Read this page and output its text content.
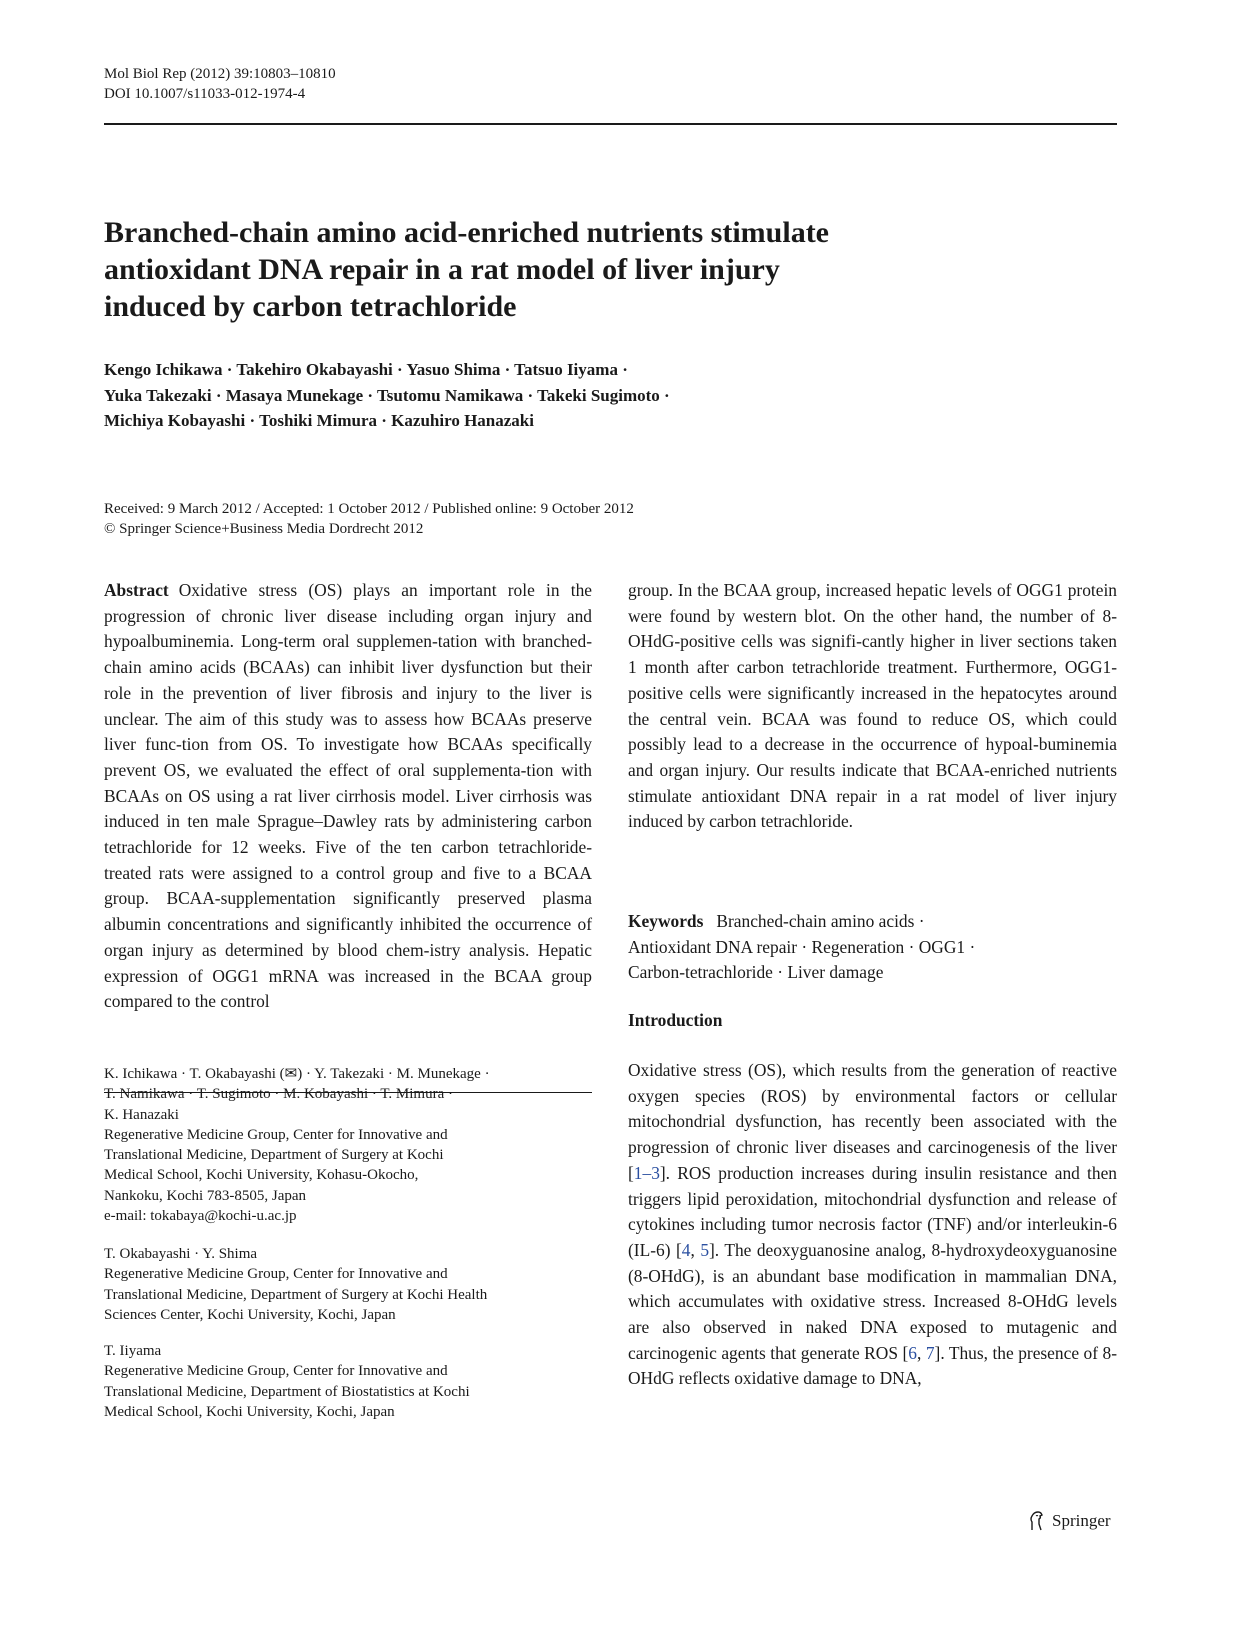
Mol Biol Rep (2012) 39:10803–10810
DOI 10.1007/s11033-012-1974-4
Branched-chain amino acid-enriched nutrients stimulate
antioxidant DNA repair in a rat model of liver injury
induced by carbon tetrachloride
Kengo Ichikawa · Takehiro Okabayashi · Yasuo Shima · Tatsuo Iiyama ·
Yuka Takezaki · Masaya Munekage · Tsutomu Namikawa · Takeki Sugimoto ·
Michiya Kobayashi · Toshiki Mimura · Kazuhiro Hanazaki
Received: 9 March 2012 / Accepted: 1 October 2012 / Published online: 9 October 2012
© Springer Science+Business Media Dordrecht 2012

Abstract Oxidative stress (OS) plays an important role in the progression of chronic liver disease including organ injury and hypoalbuminemia. Long-term oral supplemen-tation with branched-chain amino acids (BCAAs) can inhibit liver dysfunction but their role in the prevention of liver fibrosis and injury to the liver is unclear. The aim of this study was to assess how BCAAs preserve liver func-tion from OS. To investigate how BCAAs specifically prevent OS, we evaluated the effect of oral supplementa-tion with BCAAs on OS using a rat liver cirrhosis model. Liver cirrhosis was induced in ten male Sprague–Dawley rats by administering carbon tetrachloride for 12 weeks. Five of the ten carbon tetrachloride-treated rats were assigned to a control group and five to a BCAA group. BCAA-supplementation significantly preserved plasma albumin concentrations and significantly inhibited the occurrence of organ injury as determined by blood chem-istry analysis. Hepatic expression of OGG1 mRNA was increased in the BCAA group compared to the control

group. In the BCAA group, increased hepatic levels of OGG1 protein were found by western blot. On the other hand, the number of 8-OHdG-positive cells was signifi-cantly higher in liver sections taken 1 month after carbon tetrachloride treatment. Furthermore, OGG1-positive cells were significantly increased in the hepatocytes around the central vein. BCAA was found to reduce OS, which could possibly lead to a decrease in the occurrence of hypoal-buminemia and organ injury. Our results indicate that BCAA-enriched nutrients stimulate antioxidant DNA repair in a rat model of liver injury induced by carbon tetrachloride.

Keywords Branched-chain amino acids ·
Antioxidant DNA repair · Regeneration · OGG1 ·
Carbon-tetrachloride · Liver damage
Introduction

Oxidative stress (OS), which results from the generation of reactive oxygen species (ROS) by environmental factors or cellular mitochondrial dysfunction, has recently been associated with the progression of chronic liver diseases and carcinogenesis of the liver [1–3]. ROS production increases during insulin resistance and then triggers lipid peroxidation, mitochondrial dysfunction and release of cytokines including tumor necrosis factor (TNF) and/or interleukin-6 (IL-6) [4, 5]. The deoxyguanosine analog, 8-hydroxydeoxyguanosine (8-OHdG), is an abundant base modification in mammalian DNA, which accumulates with oxidative stress. Increased 8-OHdG levels are also observed in naked DNA exposed to mutagenic and carcinogenic agents that generate ROS [6, 7]. Thus, the presence of 8-OHdG reflects oxidative damage to DNA,

K. Ichikawa · T. Okabayashi (✉) · Y. Takezaki · M. Munekage ·

T. Namikawa · T. Sugimoto · M. Kobayashi · T. Mimura ·

K. Hanazaki

Regenerative Medicine Group, Center for Innovative and

Translational Medicine, Department of Surgery at Kochi

Medical School, Kochi University, Kohasu-Okocho,

Nankoku, Kochi 783-8505, Japan

e-mail: tokabaya@kochi-u.ac.jp

T. Okabayashi · Y. Shima

Regenerative Medicine Group, Center for Innovative and

Translational Medicine, Department of Surgery at Kochi Health

Sciences Center, Kochi University, Kochi, Japan

T. Iiyama

Regenerative Medicine Group, Center for Innovative and

Translational Medicine, Department of Biostatistics at Kochi

Medical School, Kochi University, Kochi, Japan

Springer
